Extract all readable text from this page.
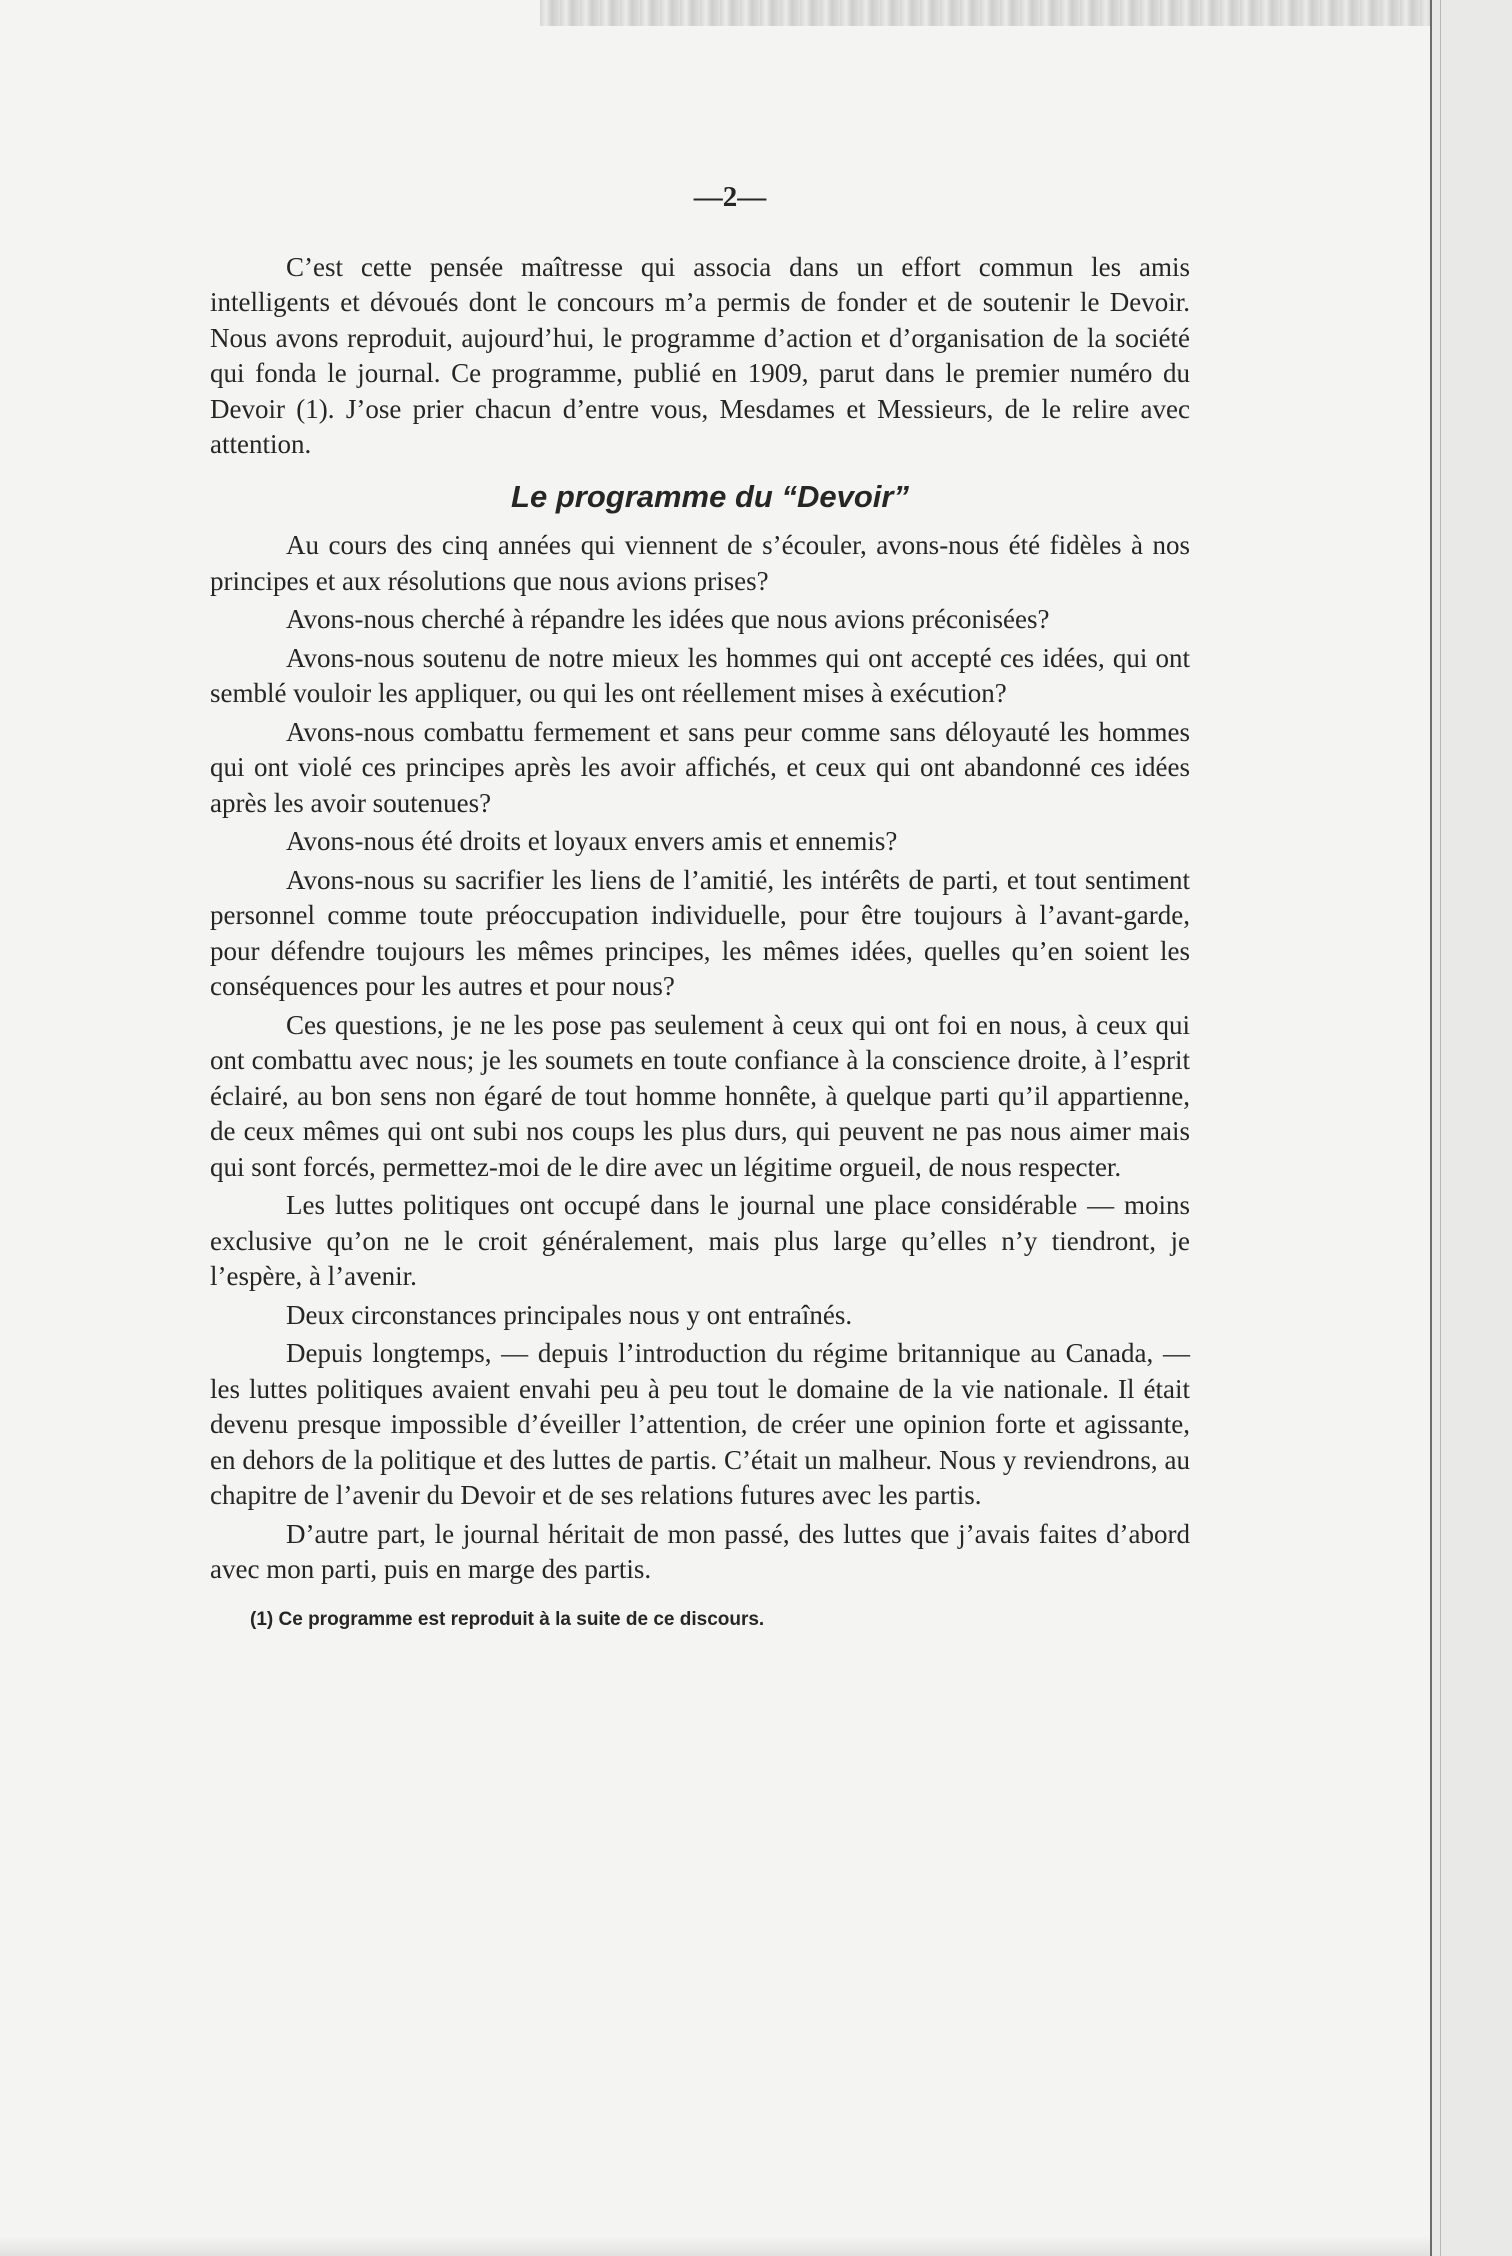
—2—

C’est cette pensée maîtresse qui associa dans un effort commun les amis intelligents et dévoués dont le concours m’a permis de fonder et de soutenir le Devoir. Nous avons reproduit, aujourd’hui, le programme d’action et d’organisation de la société qui fonda le journal. Ce programme, publié en 1909, parut dans le premier numéro du Devoir (1). J’ose prier chacun d’entre vous, Mesdames et Messieurs, de le relire avec attention.

Le programme du “Devoir”

Au cours des cinq années qui viennent de s’écouler, avons-nous été fidèles à nos principes et aux résolutions que nous avions prises?

Avons-nous cherché à répandre les idées que nous avions préconisées?

Avons-nous soutenu de notre mieux les hommes qui ont accepté ces idées, qui ont semblé vouloir les appliquer, ou qui les ont réellement mises à exécution?

Avons-nous combattu fermement et sans peur comme sans déloyauté les hommes qui ont violé ces principes après les avoir affichés, et ceux qui ont abandonné ces idées après les avoir soutenues?

Avons-nous été droits et loyaux envers amis et ennemis?

Avons-nous su sacrifier les liens de l’amitié, les intérêts de parti, et tout sentiment personnel comme toute préoccupation individuelle, pour être toujours à l’avant-garde, pour défendre toujours les mêmes principes, les mêmes idées, quelles qu’en soient les conséquences pour les autres et pour nous?

Ces questions, je ne les pose pas seulement à ceux qui ont foi en nous, à ceux qui ont combattu avec nous; je les soumets en toute confiance à la conscience droite, à l’esprit éclairé, au bon sens non égaré de tout homme honnête, à quelque parti qu’il appartienne, de ceux mêmes qui ont subi nos coups les plus durs, qui peuvent ne pas nous aimer mais qui sont forcés, permettez-moi de le dire avec un légitime orgueil, de nous respecter.

Les luttes politiques ont occupé dans le journal une place considérable — moins exclusive qu’on ne le croit généralement, mais plus large qu’elles n’y tiendront, je l’espère, à l’avenir.

Deux circonstances principales nous y ont entraînés.

Depuis longtemps, — depuis l’introduction du régime britannique au Canada, — les luttes politiques avaient envahi peu à peu tout le domaine de la vie nationale. Il était devenu presque impossible d’éveiller l’attention, de créer une opinion forte et agissante, en dehors de la politique et des luttes de partis. C’était un malheur. Nous y reviendrons, au chapitre de l’avenir du Devoir et de ses relations futures avec les partis.

D’autre part, le journal héritait de mon passé, des luttes que j’avais faites d’abord avec mon parti, puis en marge des partis.

(1) Ce programme est reproduit à la suite de ce discours.
